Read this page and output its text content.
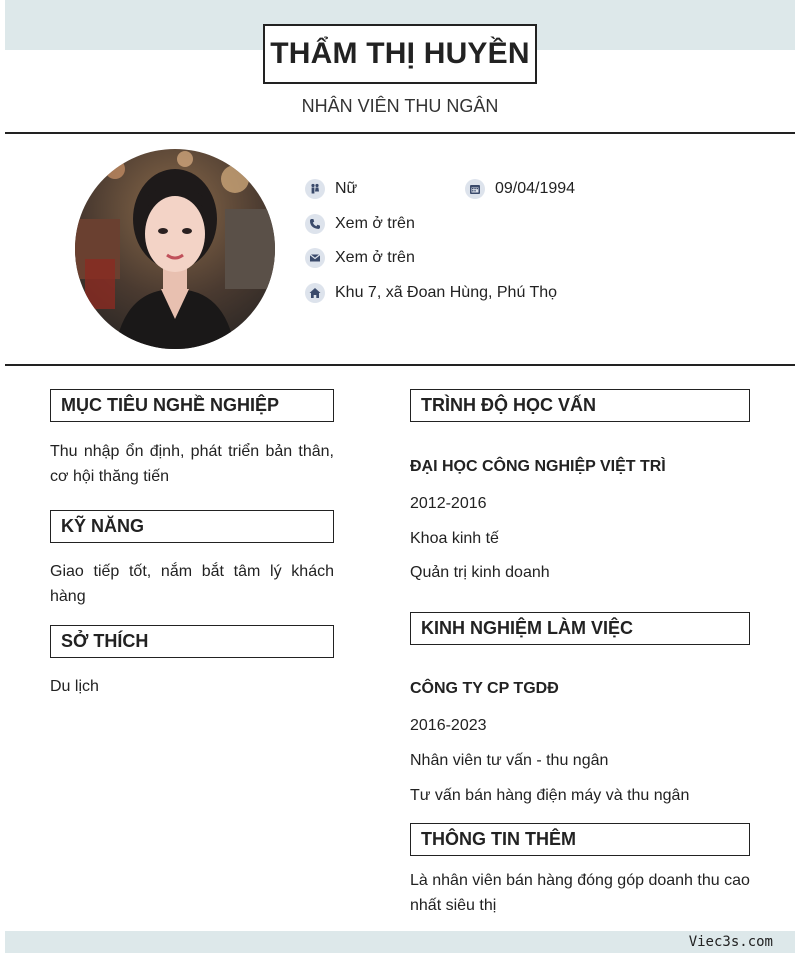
THẨM THỊ HUYỀN
NHÂN VIÊN THU NGÂN
Nữ	09/04/1994
Xem ở trên
Xem ở trên
Khu 7, xã Đoan Hùng, Phú Thọ
MỤC TIÊU NGHỀ NGHIỆP
Thu nhập ổn định, phát triển bản thân, cơ hội thăng tiến
KỸ NĂNG
Giao tiếp tốt, nắm bắt tâm lý khách hàng
SỞ THÍCH
Du lịch
TRÌNH ĐỘ HỌC VẤN
ĐẠI HỌC CÔNG NGHIỆP VIỆT TRÌ
2012-2016
Khoa kinh tế
Quản trị kinh doanh
KINH NGHIỆM LÀM VIỆC
CÔNG TY CP TGDĐ
2016-2023
Nhân viên tư vấn - thu ngân
Tư vấn bán hàng điện máy và thu ngân
THÔNG TIN THÊM
Là nhân viên bán hàng đóng góp doanh thu cao nhất siêu thị
Viec3s.com
